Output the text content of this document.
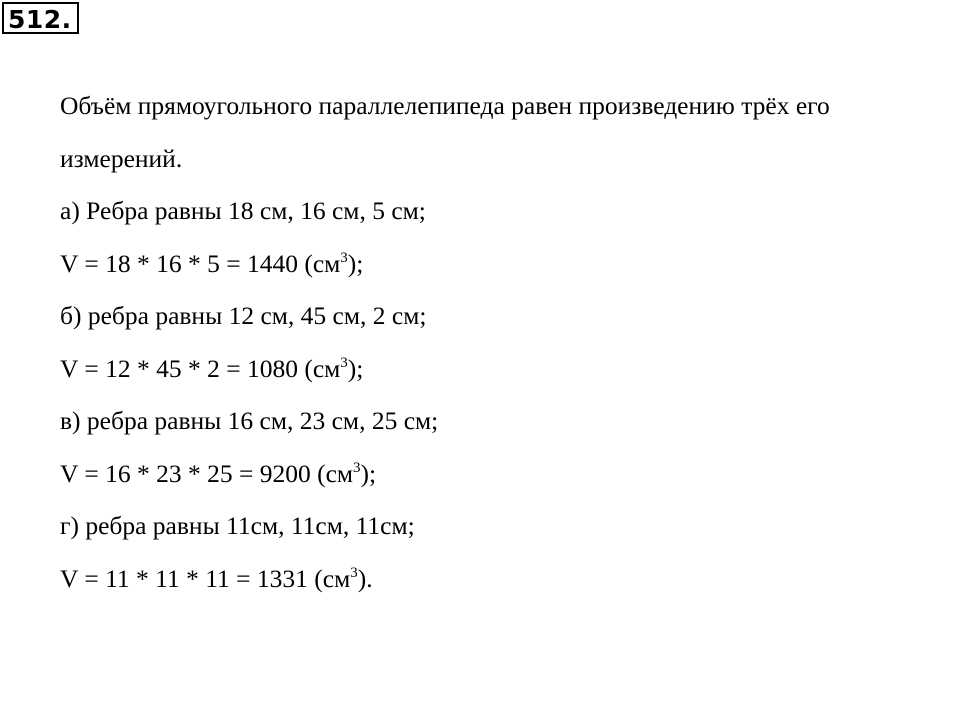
512.
Объём прямоугольного параллелепипеда равен произведению трёх его
измерений.
а) Ребра равны 18 см, 16 см, 5 см;
V = 18 * 16 * 5 = 1440 $(см^3)$;
б) ребра равны 12 см, 45 см, 2 см;
V = 12 * 45 * 2 = 1080 $(см^3)$;
в) ребра равны 16 см, 23 см, 25 см;
V = 16 * 23 * 25 = 9200 $(см^3)$;
г) ребра равны 11см, 11см, 11см;
V = 11 * 11 * 11 = 1331 $(см^3)$.
